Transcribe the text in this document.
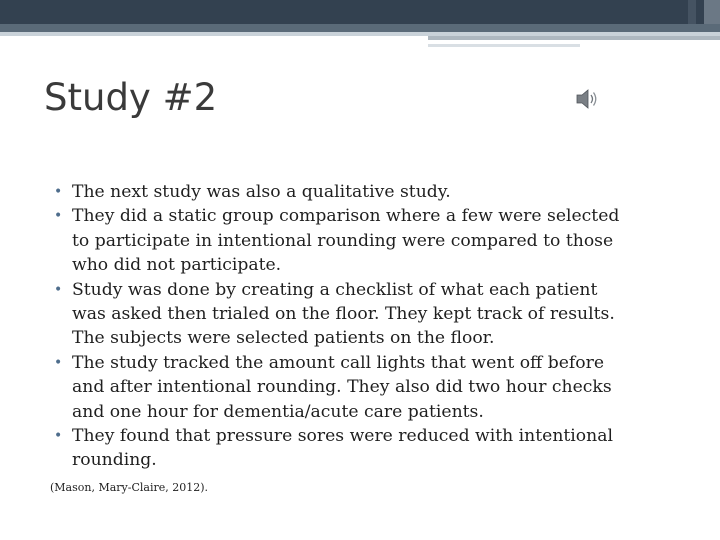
Study #2
• The next study was also a qualitative study.
• They did a static group comparison where a few were selected
to participate in intentional rounding were compared to those
who did not participate.
• Study was done by creating a checklist of what each patient
was asked then trialed on the floor. They kept track of results.
The subjects were selected patients on the floor.
• The study tracked the amount call lights that went off before
and after intentional rounding. They also did two hour checks
and one hour for dementia/acute care patients.
• They found that pressure sores were reduced with intentional
rounding.
(Mason, Mary-Claire, 2012).
